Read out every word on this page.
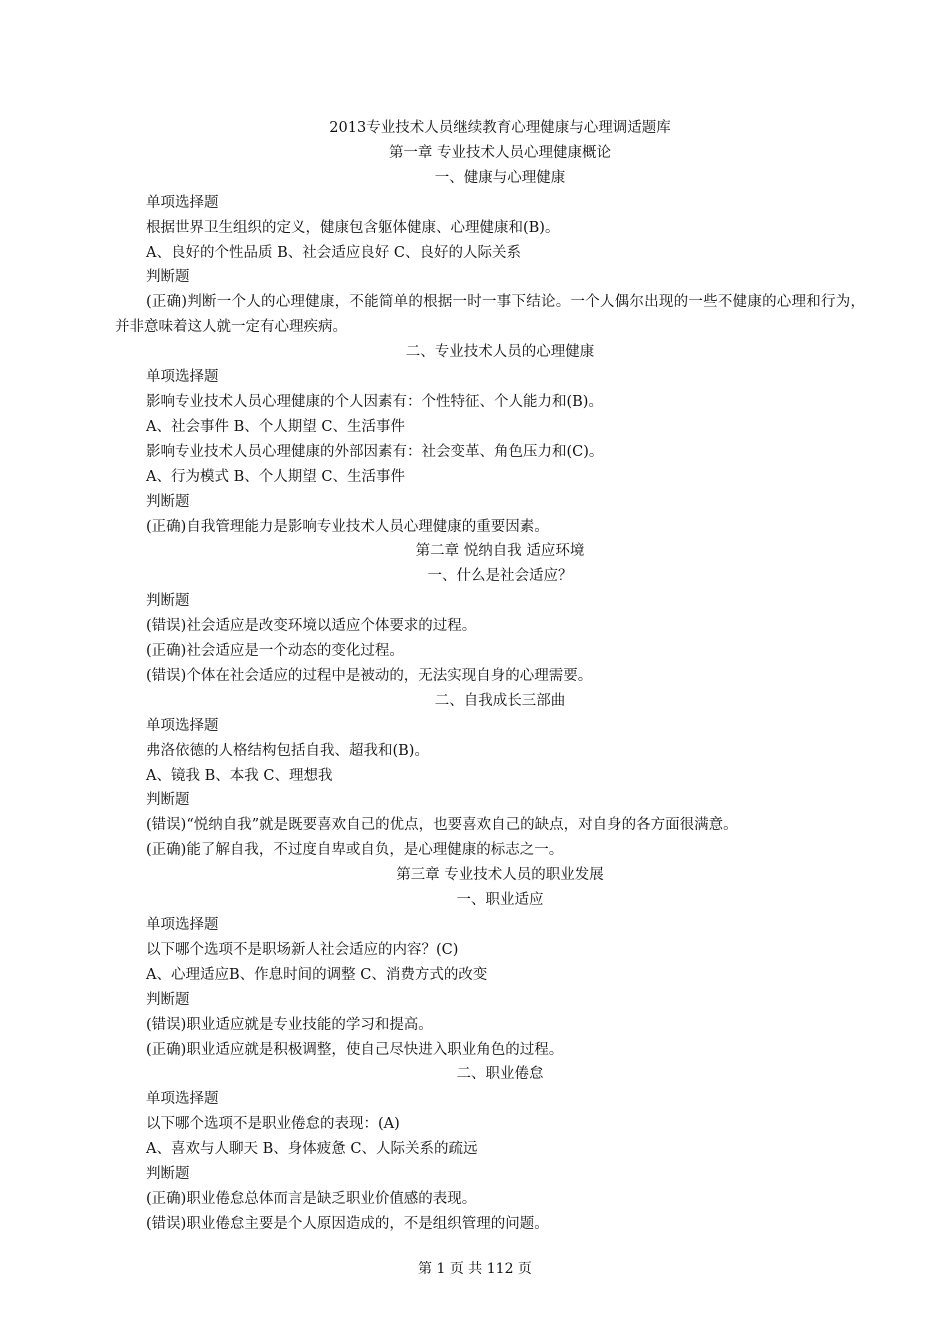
2013专业技术人员继续教育心理健康与心理调适题库
第一章 专业技术人员心理健康概论
一、健康与心理健康
单项选择题
根据世界卫生组织的定义，健康包含躯体健康、心理健康和(B)。
A、良好的个性品质 B、社会适应良好 C、良好的人际关系
判断题
(正确)判断一个人的心理健康，不能简单的根据一时一事下结论。一个人偶尔出现的一些不健康的心理和行为，并非意味着这人就一定有心理疾病。
二、专业技术人员的心理健康
单项选择题
影响专业技术人员心理健康的个人因素有：个性特征、个人能力和(B)。
A、社会事件 B、个人期望 C、生活事件
影响专业技术人员心理健康的外部因素有：社会变革、角色压力和(C)。
A、行为模式 B、个人期望 C、生活事件
判断题
(正确)自我管理能力是影响专业技术人员心理健康的重要因素。
第二章 悦纳自我 适应环境
一、什么是社会适应？
判断题
(错误)社会适应是改变环境以适应个体要求的过程。
(正确)社会适应是一个动态的变化过程。
(错误)个体在社会适应的过程中是被动的，无法实现自身的心理需要。
二、自我成长三部曲
单项选择题
弗洛依德的人格结构包括自我、超我和(B)。
A、镜我 B、本我 C、理想我
判断题
(错误)“悦纳自我”就是既要喜欢自己的优点，也要喜欢自己的缺点，对自身的各方面很满意。
(正确)能了解自我，不过度自卑或自负，是心理健康的标志之一。
第三章 专业技术人员的职业发展
一、职业适应
单项选择题
以下哪个选项不是职场新人社会适应的内容？(C)
A、心理适应B、作息时间的调整 C、消费方式的改变
判断题
(错误)职业适应就是专业技能的学习和提高。
(正确)职业适应就是积极调整，使自己尽快进入职业角色的过程。
二、职业倦怠
单项选择题
以下哪个选项不是职业倦怠的表现：(A)
A、喜欢与人聊天 B、身体疲惫 C、人际关系的疏远
判断题
(正确)职业倦怠总体而言是缺乏职业价值感的表现。
(错误)职业倦怠主要是个人原因造成的，不是组织管理的问题。
第 1 页 共 112 页
